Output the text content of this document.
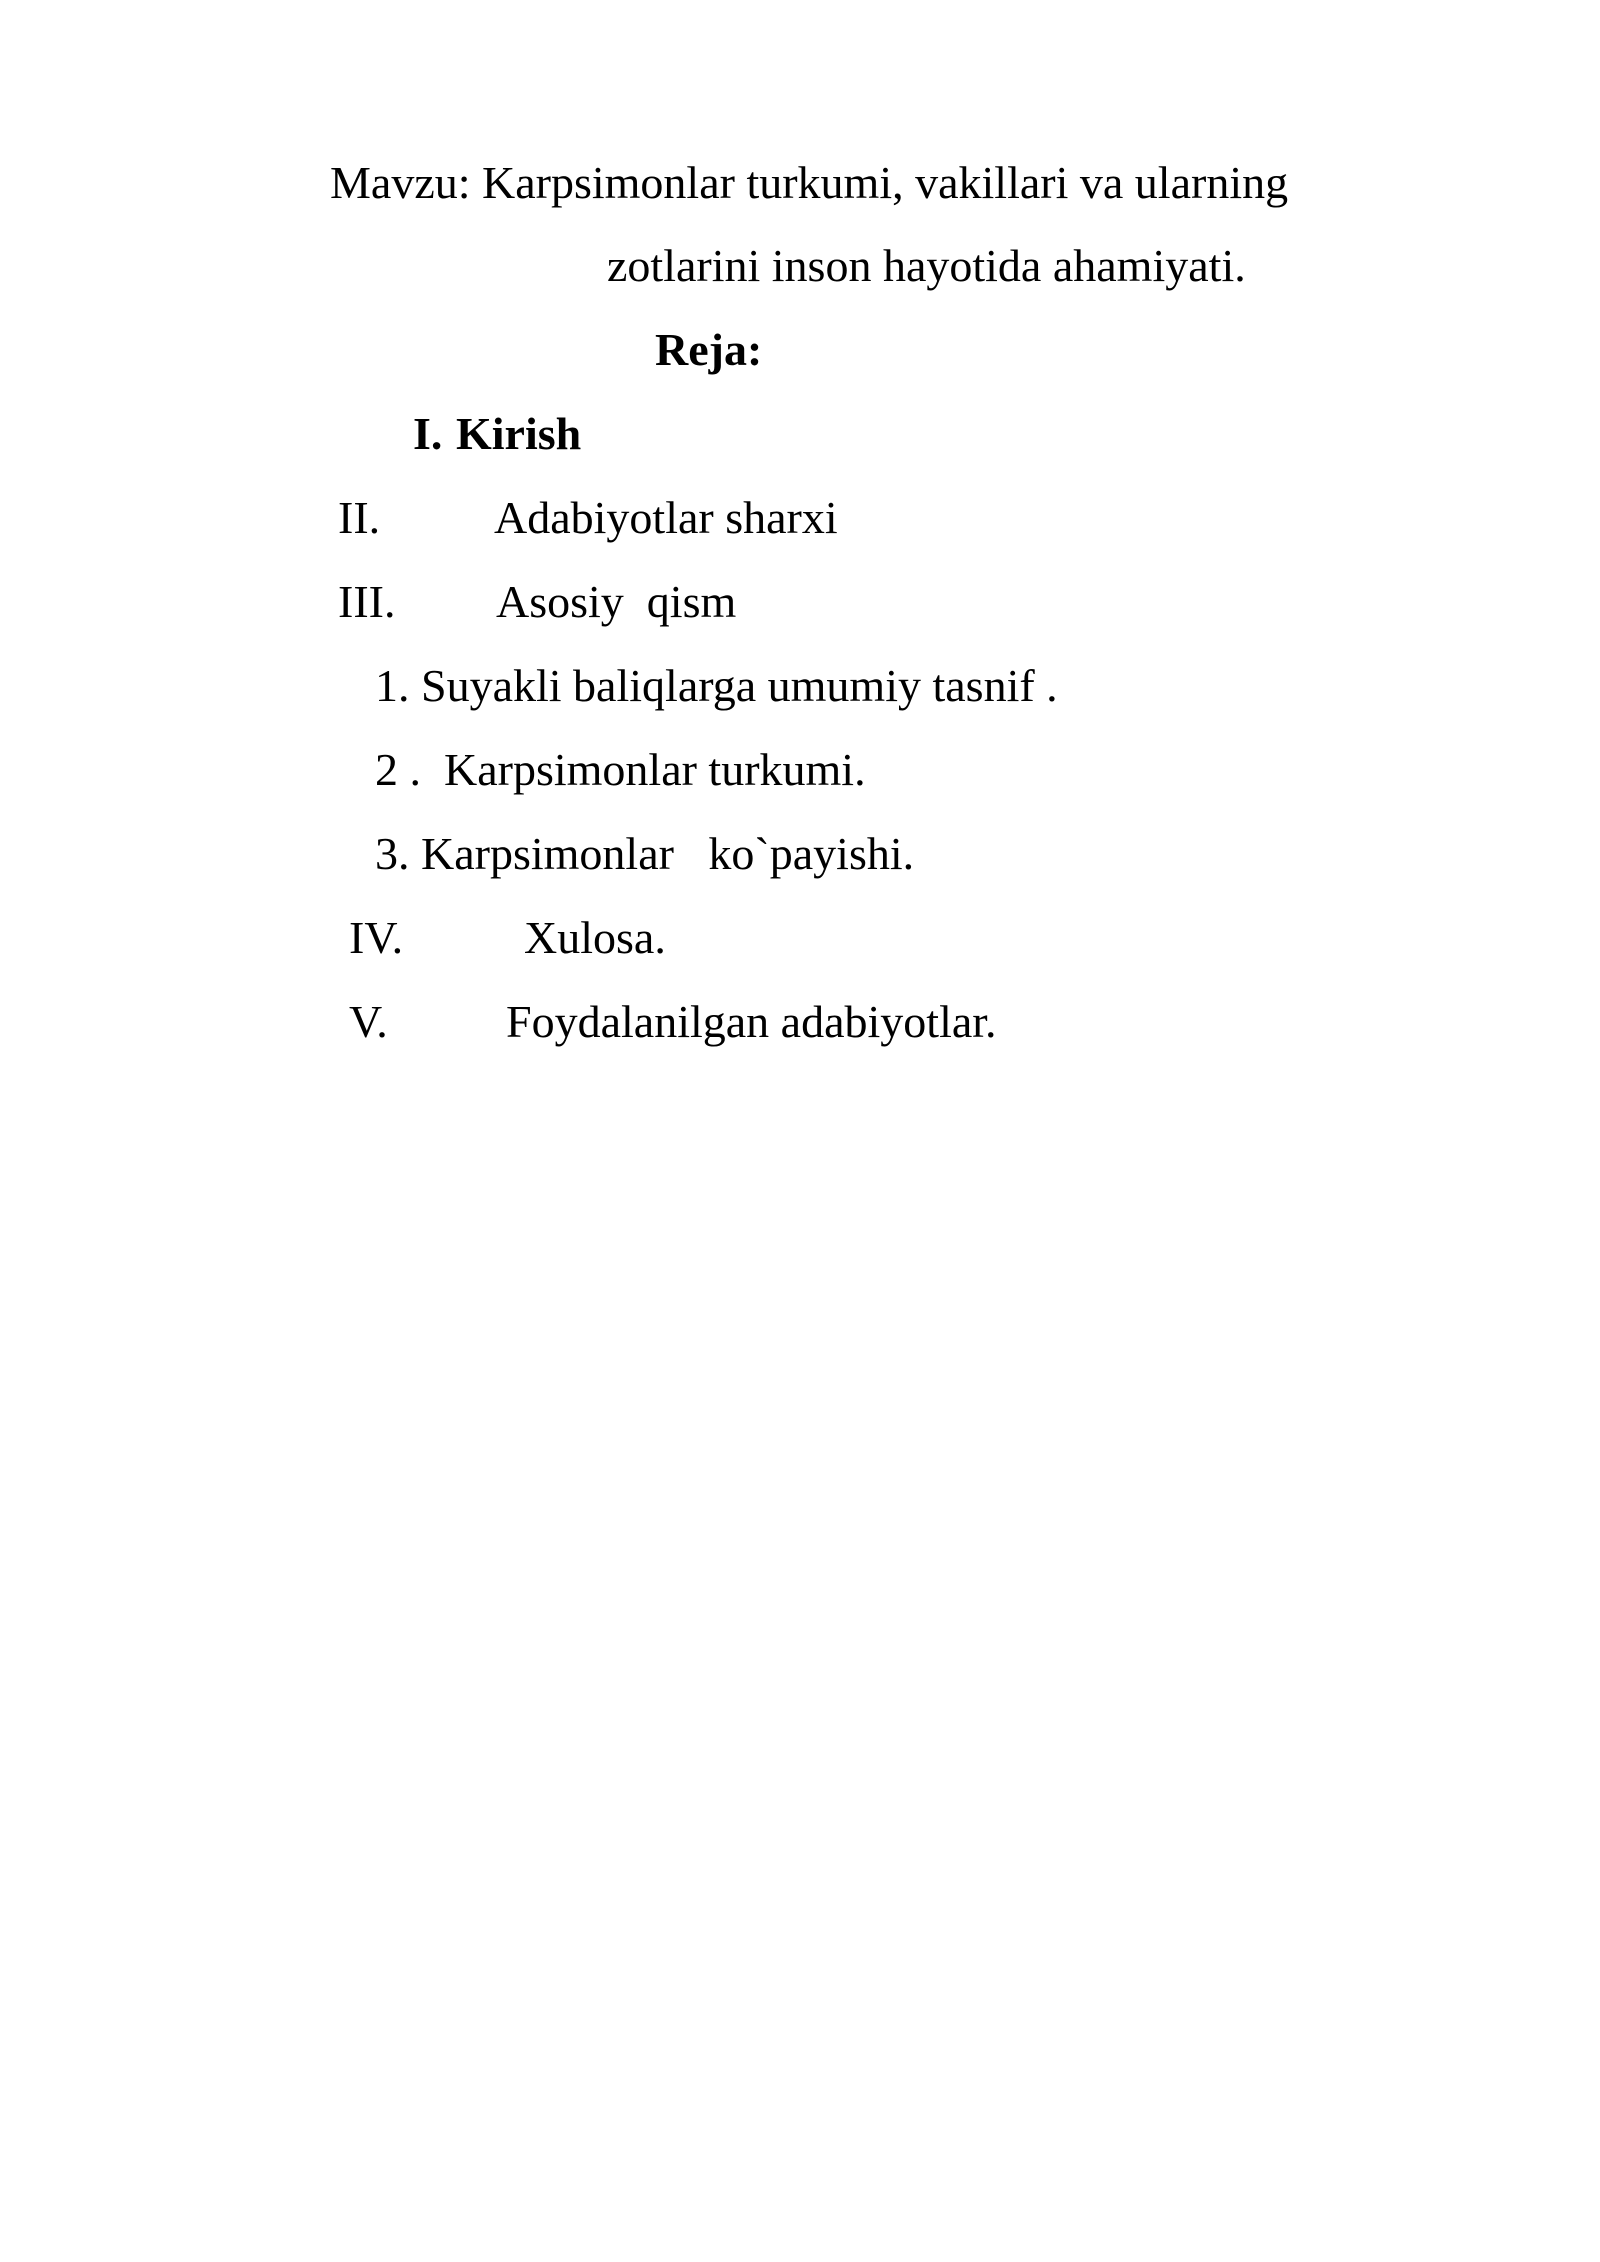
Mavzu: Karpsimonlar turkumi, vakillari va ularning
zotlarini inson hayotida ahamiyati.
Reja:
I. Kirish
II. Adabiyotlar sharxi
III. Asosiy  qism
1. Suyakli baliqlarga umumiy tasnif .
2 .  Karpsimonlar turkumi.
3. Karpsimonlar   ko`payishi.
IV.	Xulosa.
V.	Foydalanilgan adabiyotlar.
